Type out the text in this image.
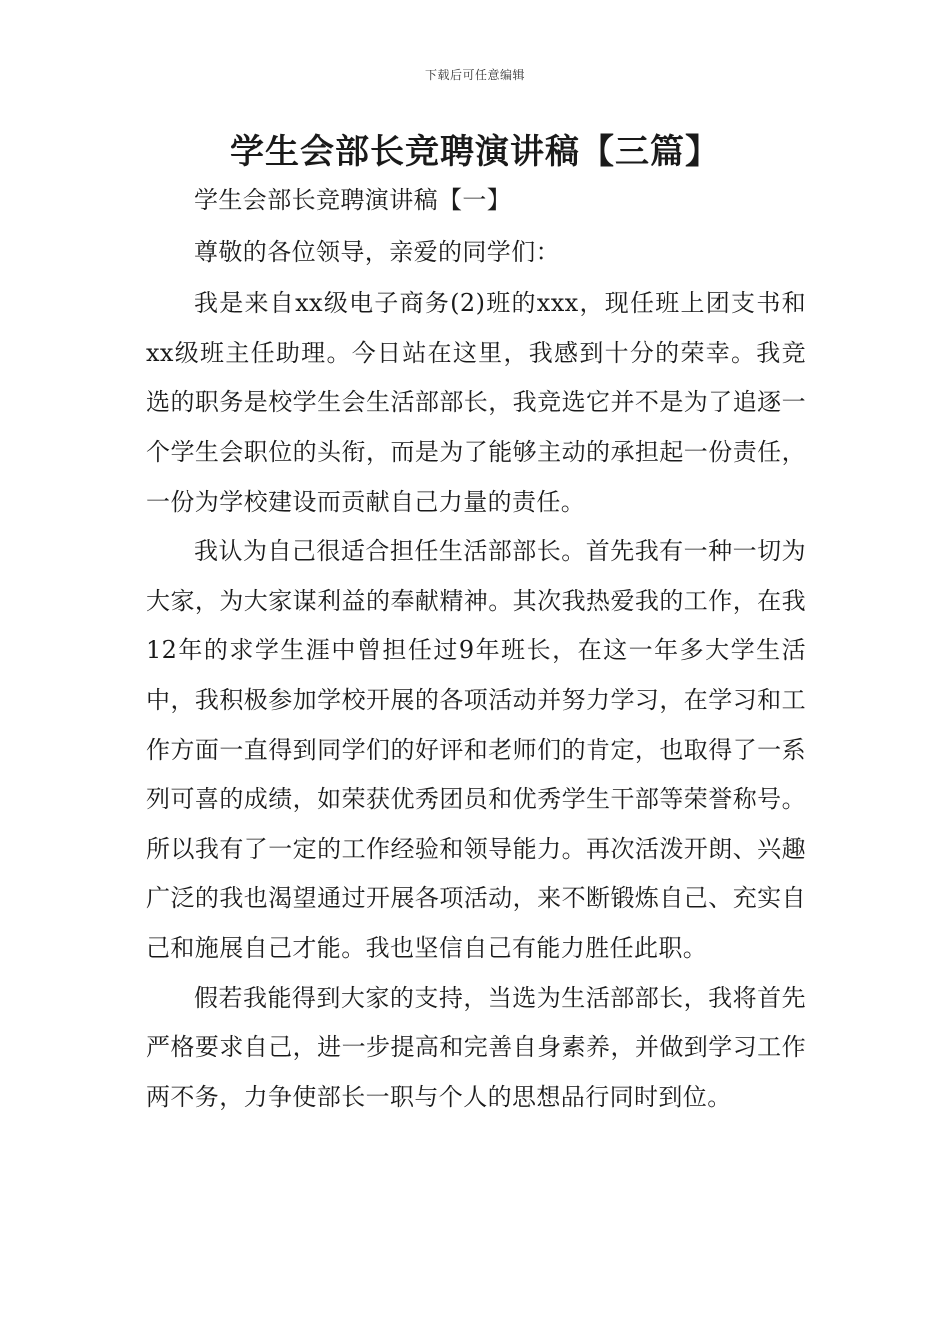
下载后可任意编辑
学生会部长竞聘演讲稿【三篇】

学生会部长竞聘演讲稿【一】

尊敬的各位领导，亲爱的同学们：

我是来自xx级电子商务(2)班的xxx，现任班上团支书和xx级班主任助理。今日站在这里，我感到十分的荣幸。我竞选的职务是校学生会生活部部长，我竞选它并不是为了追逐一个学生会职位的头衔，而是为了能够主动的承担起一份责任，一份为学校建设而贡献自己力量的责任。

我认为自己很适合担任生活部部长。首先我有一种一切为大家，为大家谋利益的奉献精神。其次我热爱我的工作，在我12年的求学生涯中曾担任过9年班长，在这一年多大学生活中，我积极参加学校开展的各项活动并努力学习，在学习和工作方面一直得到同学们的好评和老师们的肯定，也取得了一系列可喜的成绩，如荣获优秀团员和优秀学生干部等荣誉称号。所以我有了一定的工作经验和领导能力。再次活泼开朗、兴趣广泛的我也渴望通过开展各项活动，来不断锻炼自己、充实自己和施展自己才能。我也坚信自己有能力胜任此职。

假若我能得到大家的支持，当选为生活部部长，我将首先严格要求自己，进一步提高和完善自身素养，并做到学习工作两不务，力争使部长一职与个人的思想品行同时到位。
